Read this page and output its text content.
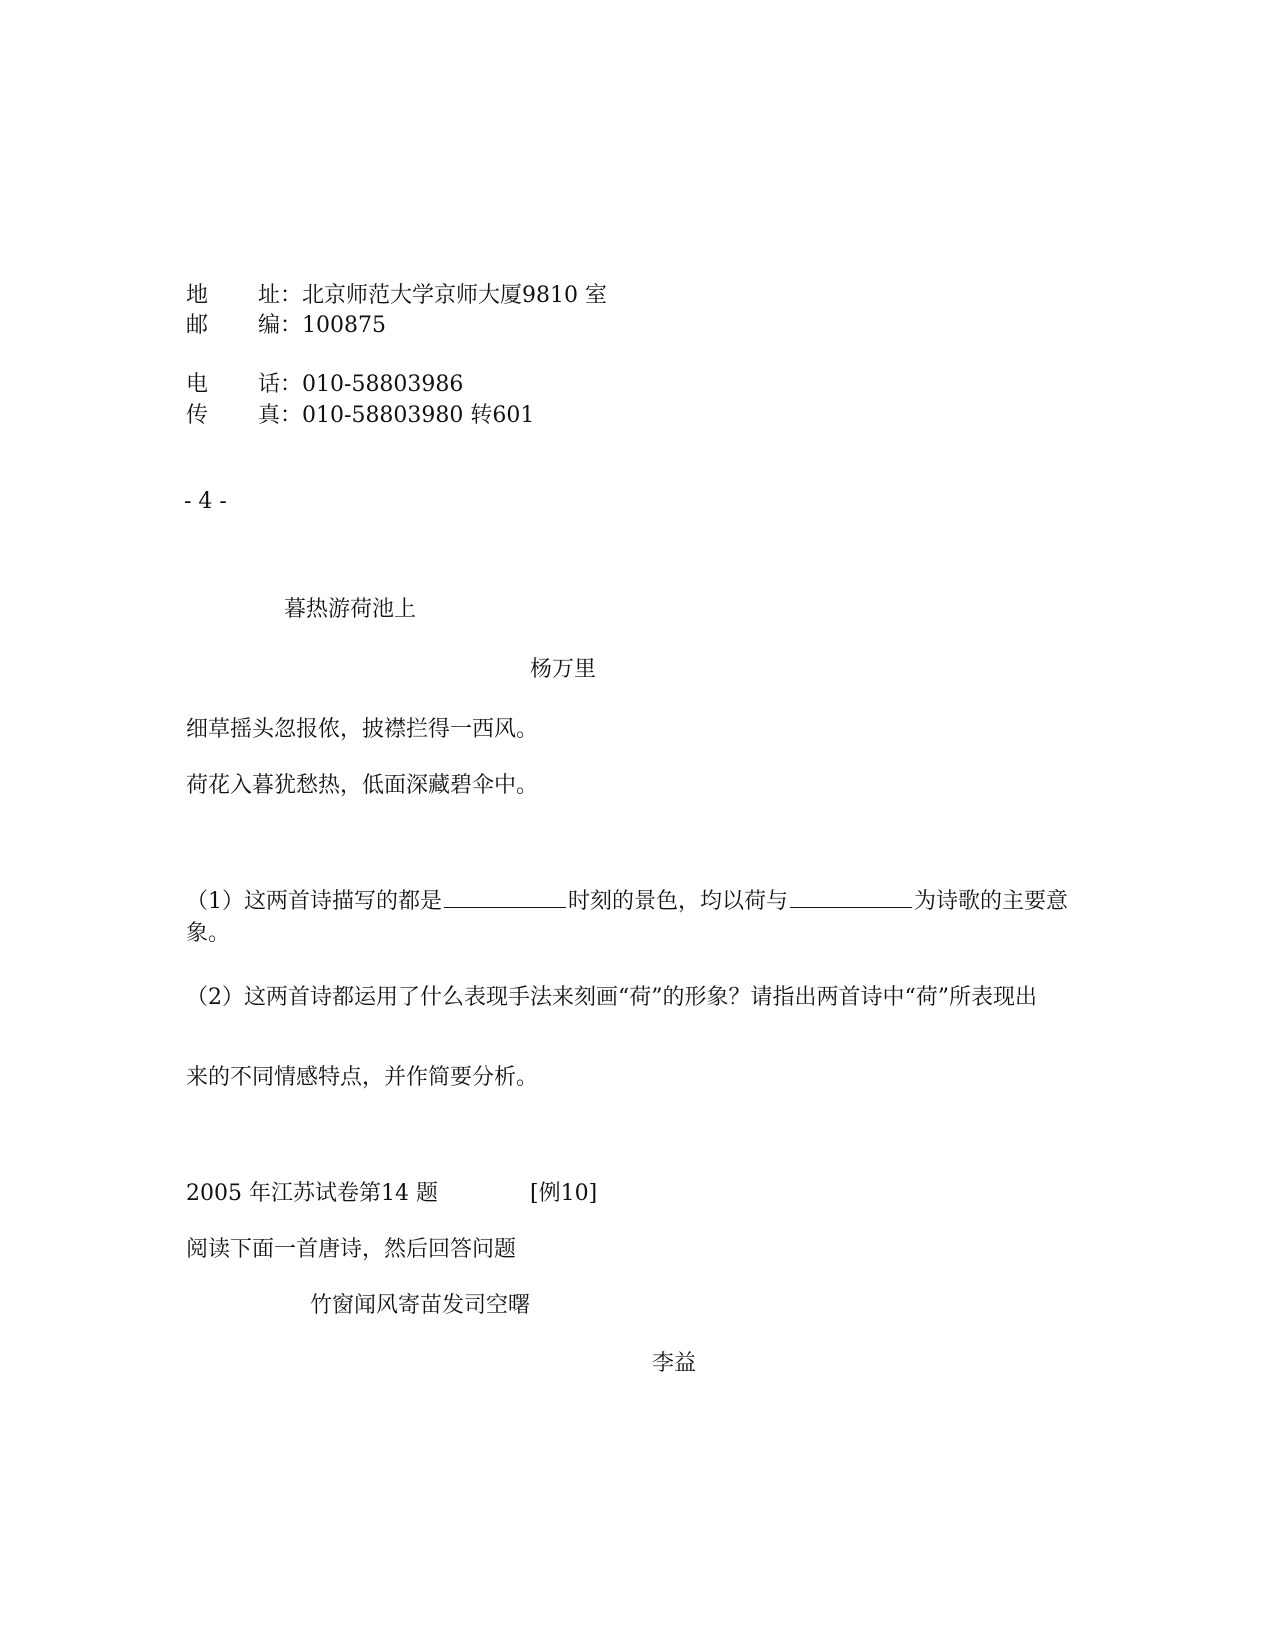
地 址：北京师范大学京师大厦9810 室
邮 编：100875
电 话：010-58803986
传 真：010-58803980 转601
- 4 -
暮热游荷池上
杨万里
细草摇头忽报侬，披襟拦得一西风。
荷花入暮犹愁热，低面深藏碧伞中。
（1）这两首诗描写的都是	时刻的景色，均以荷与	为诗歌的主要意象。
（2）这两首诗都运用了什么表现手法来刻画“荷”的形象？请指出两首诗中“荷”所表现出
来的不同情感特点，并作简要分析。
2005 年江苏试卷第14 题	[例10]
阅读下面一首唐诗，然后回答问题
竹窗闻风寄苗发司空曙
李益
